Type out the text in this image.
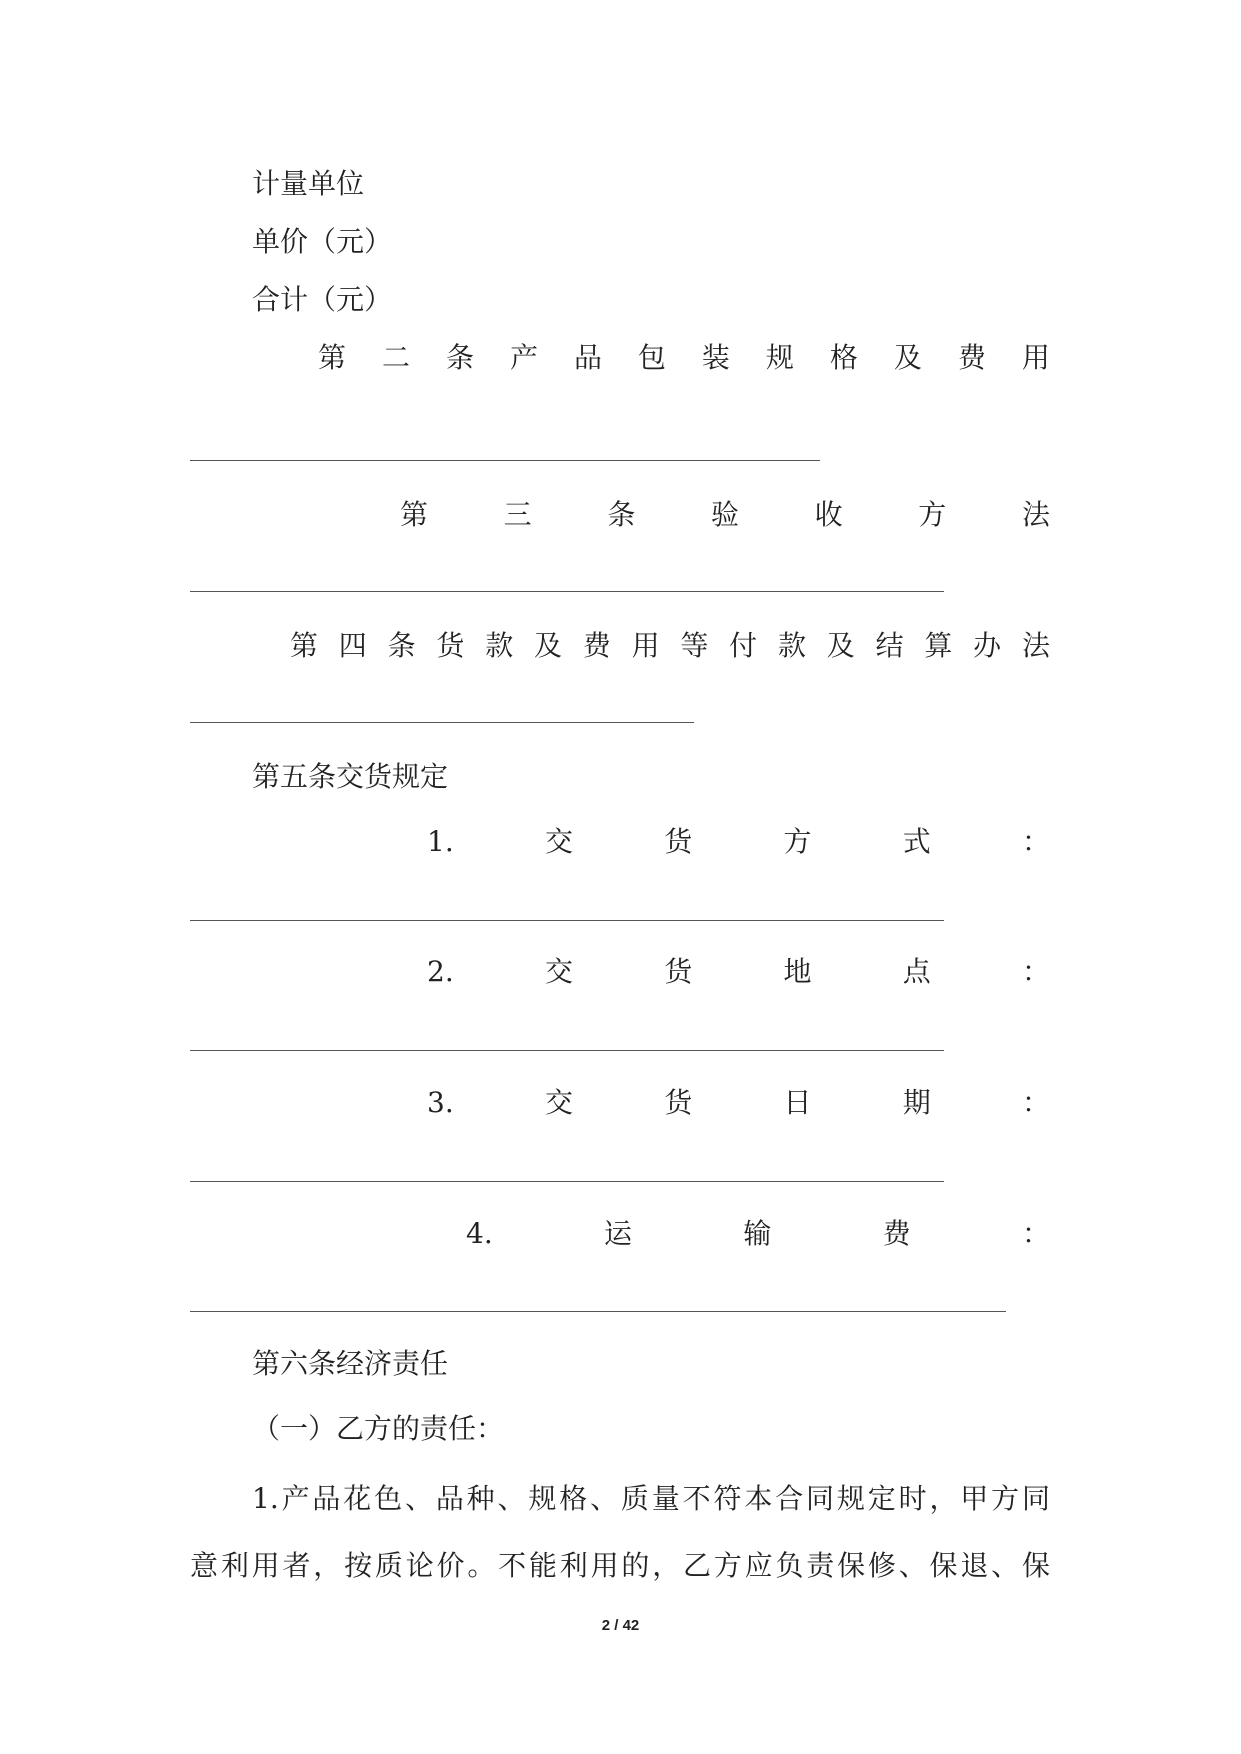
计量单位
单价（元）
合计（元）
第 二 条 产 品 包 装 规 格 及 费 用
第	三	条	验	收	方	法
第 四 条 货 款 及 费 用 等 付 款 及 结 算 办 法
第五条交货规定
1.	交	货	方	式	：
2.	交	货	地	点	：
3.	交	货	日	期	：
4.	运	输	费	：
第六条经济责任
（一）乙方的责任：
1.产品花色、品种、规格、质量不符本合同规定时，甲方同
意利用者，按质论价。不能利用的，乙方应负责保修、保退、保
2 / 42
